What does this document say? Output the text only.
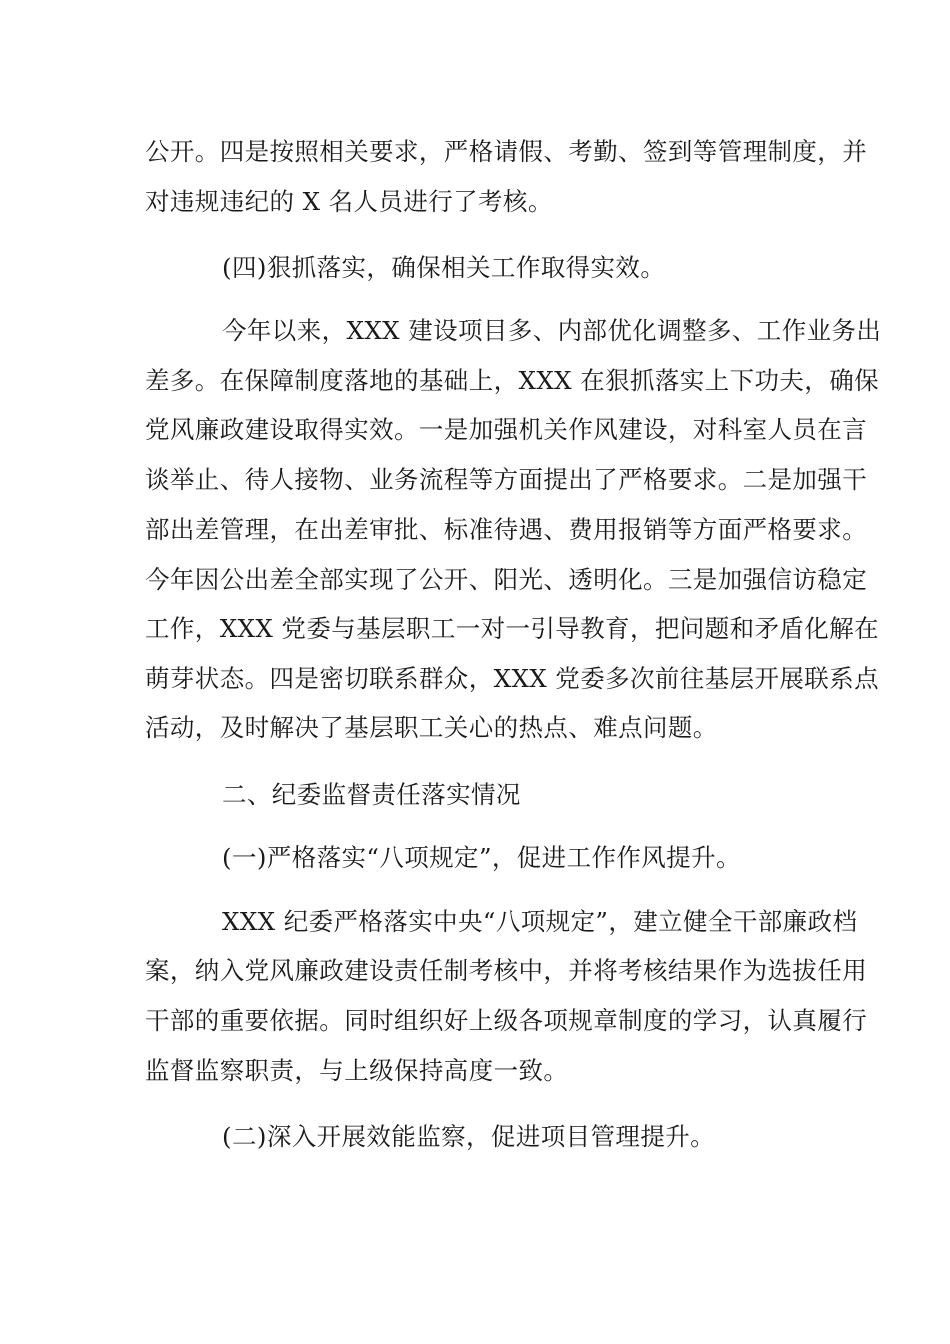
公开。四是按照相关要求，严格请假、考勤、签到等管理制度，并
对违规违纪的 X 名人员进行了考核。
(四)狠抓落实，确保相关工作取得实效。
今年以来，XXX 建设项目多、内部优化调整多、工作业务出
差多。在保障制度落地的基础上，XXX 在狠抓落实上下功夫，确保
党风廉政建设取得实效。一是加强机关作风建设，对科室人员在言
谈举止、待人接物、业务流程等方面提出了严格要求。二是加强干
部出差管理，在出差审批、标准待遇、费用报销等方面严格要求。
今年因公出差全部实现了公开、阳光、透明化。三是加强信访稳定
工作，XXX 党委与基层职工一对一引导教育，把问题和矛盾化解在
萌芽状态。四是密切联系群众，XXX 党委多次前往基层开展联系点
活动，及时解决了基层职工关心的热点、难点问题。
二、纪委监督责任落实情况
(一)严格落实“八项规定”，促进工作作风提升。
XXX 纪委严格落实中央“八项规定”，建立健全干部廉政档
案，纳入党风廉政建设责任制考核中，并将考核结果作为选拔任用
干部的重要依据。同时组织好上级各项规章制度的学习，认真履行
监督监察职责，与上级保持高度一致。
(二)深入开展效能监察，促进项目管理提升。
